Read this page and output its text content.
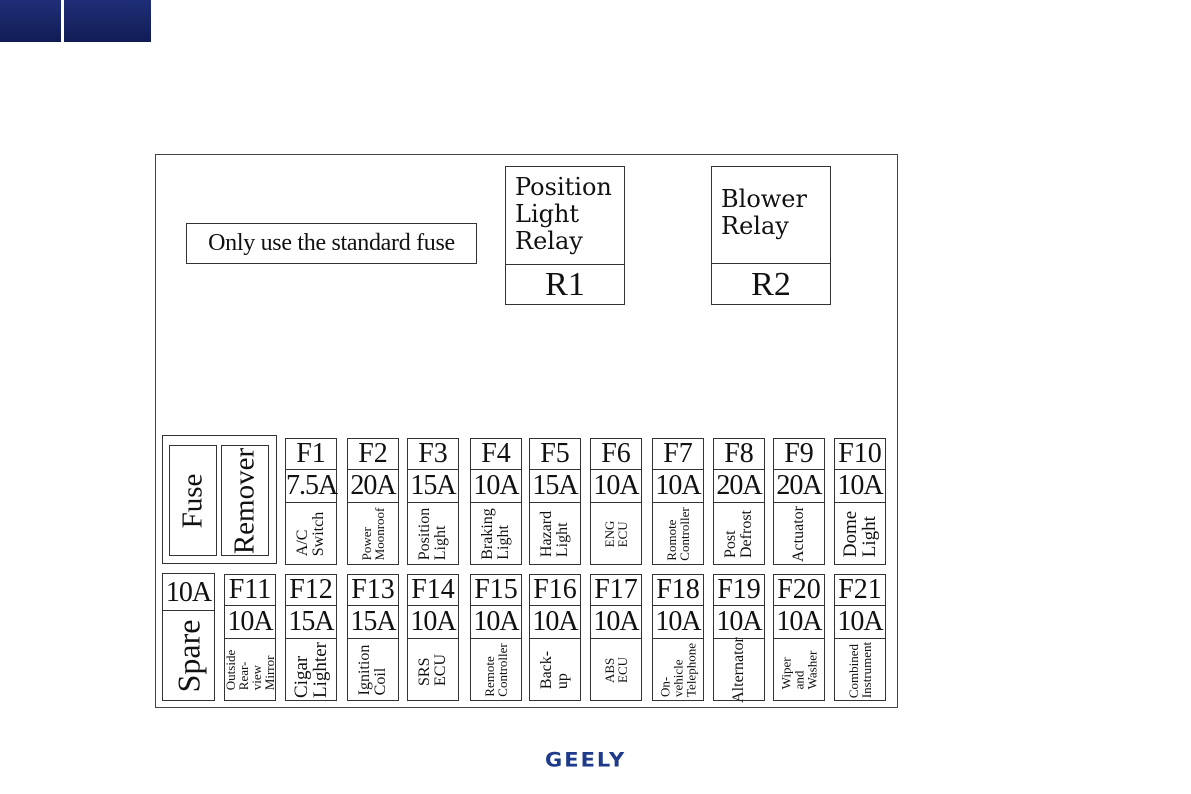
Only use the standard fuse
Position
Light
Relay
R1
Blower
Relay
R2
Fuse Remover
10A
Spare
F1
7.5A
A/C
Switch
F2
20A
Power
Moonroof
F3
15A
Position
Light
F4
10A
Braking
Light
F5
15A
Hazard
Light
F6
10A
ENG ECU
F7
10A
Romote
Controller
F8
20A
Post
Defrost
F9
20A
Actuator
F10
10A
Dome
Light
F11
10A
Outside Rear-
view Mirror
F12
15A
Cigar
Lighter
F13
15A
Ignition
Coil
F14
10A
SRS ECU
F15
10A
Remote
Controller
F16
10A
Back-up
F17
10A
ABS ECU
F18
10A
On-vehicle
Telephone
F19
10A
Alternator
F20
10A
Wiper and
Washer
F21
10A
Combined
Instrument
GEELY
